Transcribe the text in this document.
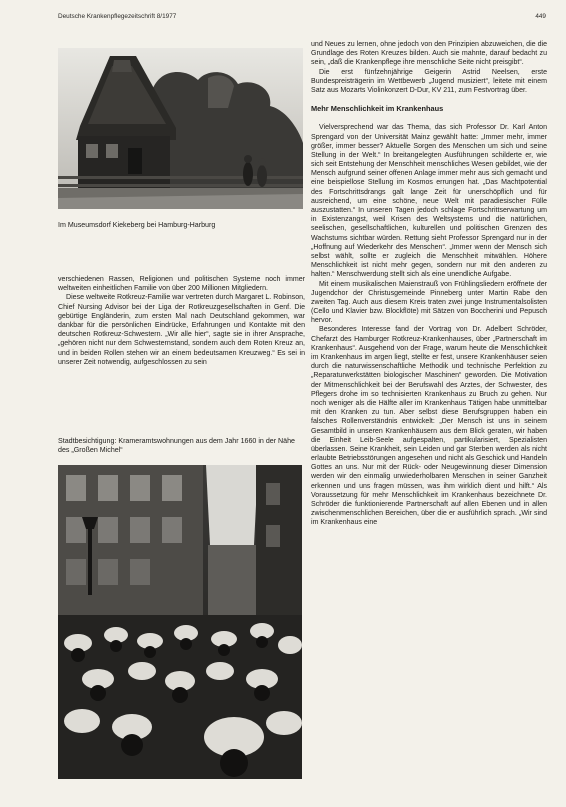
Deutsche Krankenpflegezeitschrift 8/1977	449

Im Museumsdorf Kiekeberg bei Hamburg-Harburg

verschiedenen Rassen, Religionen und politischen Systeme noch immer weltweiten einheitlichen Familie von über 200 Millionen Mitgliedern.

Diese weltweite Rotkreuz-Familie war vertreten durch Margaret L. Robinson, Chief Nursing Advisor bei der Liga der Rotkreuzgesellschaften in Genf. Die gebürtige Engländerin, zum ersten Mal nach Deutschland gekommen, war dankbar für die persönlichen Eindrücke, Erfahrungen und Kontakte mit den deutschen Rotkreuz-Schwestern. „Wir alle hier“, sagte sie in ihrer Ansprache, „gehören nicht nur dem Schwesternstand, sondern auch dem Roten Kreuz an, und in beiden Rollen stehen wir an einem bedeutsamen Kreuzweg.“ Es sei in unserer Zeit notwendig, aufgeschlossen zu sein

Stadtbesichtigung: Krameramtswohnungen aus dem Jahr 1660 in der Nähe des „Großen Michel“

und Neues zu lernen, ohne jedoch von den Prinzipien abzuweichen, die die Grundlage des Roten Kreuzes bilden. Auch sie mahnte, darauf bedacht zu sein, „daß die Krankenpflege ihre menschliche Seite nicht preisgibt“.

Die erst fünfzehnjährige Geigerin Astrid Neelsen, erste Bundespreisträgerin im Wettbewerb „Jugend musiziert“, leitete mit einem Satz aus Mozarts Violinkonzert D-Dur, KV 211, zum Festvortrag über.

Mehr Menschlichkeit im Krankenhaus

Vielversprechend war das Thema, das sich Professor Dr. Karl Anton Sprengard von der Universität Mainz gewählt hatte: „Immer mehr, immer größer, immer besser? Aktuelle Sorgen des Menschen um sich und seine Stellung in der Welt.“ In breitangelegten Ausführungen schilderte er, wie sich seit Entstehung der Menschheit menschliches Wesen gebildet, wie der Mensch aufgrund seiner offenen Anlage immer mehr aus sich gemacht und eine beispiellose Stellung im Kosmos errungen hat. „Das Machtpotential des Fortschrittsdrangs galt lange Zeit für unerschöpflich und für ausreichend, um eine schöne, neue Welt mit paradiesischer Fülle auszustatten.“ In unseren Tagen jedoch schlage Fortschrittserwartung um in Existenzangst, weil Krisen des Weltsystems und die natürlichen, seelischen, gesellschaftlichen, kulturellen und politischen Grenzen des Wachstums sichtbar würden. Rettung sieht Professor Sprengard nur in der „Hoffnung auf Wiederkehr des Menschen“. „Immer wenn der Mensch sich selbst wählt, sollte er zugleich die Menschheit mitwählen. Höhere Menschlichkeit ist nicht mehr gegen, sondern nur mit den anderen zu halten.“ Menschwerdung stellt sich als eine unendliche Aufgabe.

Mit einem musikalischen Maienstrauß von Frühlingsliedern eröffnete der Jugendchor der Christusgemeinde Pinneberg unter Martin Rabe den zweiten Tag. Auch aus diesem Kreis traten zwei junge Instrumentalsolisten (Cello und Klavier bzw. Blockflöte) mit Sätzen von Boccherini und Pepusch hervor.

Besonderes Interesse fand der Vortrag von Dr. Adelbert Schröder, Chefarzt des Hamburger Rotkreuz-Krankenhauses, über „Partnerschaft im Krankenhaus“. Ausgehend von der Frage, warum heute die Menschlichkeit im Krankenhaus im argen liegt, stellte er fest, unsere Krankenhäuser seien durch die naturwissenschaftliche Methodik und technische Perfektion zu „Reparaturwerkstätten biologischer Maschinen“ geworden. Die Motivation der Mitmenschlichkeit bei der Berufswahl des Arztes, der Schwester, des Pflegers drohe im so technisierten Krankenhaus zu Bruch zu gehen. Nur noch weniger als die Hälfte aller im Krankenhaus Tätigen habe unmittelbar mit den Kranken zu tun. Aber selbst diese Berufsgruppen haben ein falsches Rollenverständnis entwickelt: „Der Mensch ist uns in seinem Gesamtbild in unseren Krankenhäusern aus dem Blick geraten, wir haben die Einheit Leib-Seele aufgespalten, partikularisiert, Spezialisten überlassen. Seine Krankheit, sein Leiden und gar Sterben werden als nicht erlaubte Betriebsstörungen angesehen und nicht als Geschick und Handeln Gottes an uns. Nur mit der Rück- oder Neugewinnung dieser Dimension werden wir den einmalig unwiederholbaren Menschen in seiner Ganzheit erkennen und uns fragen müssen, was ihm wirklich dient und hilft.“ Als Voraussetzung für mehr Menschlichkeit im Krankenhaus bezeichnete Dr. Schröder die funktionierende Partnerschaft auf allen Ebenen und in allen zwischenmenschlichen Bereichen, über die er ausführlich sprach. „Wir sind im Krankenhaus eine
